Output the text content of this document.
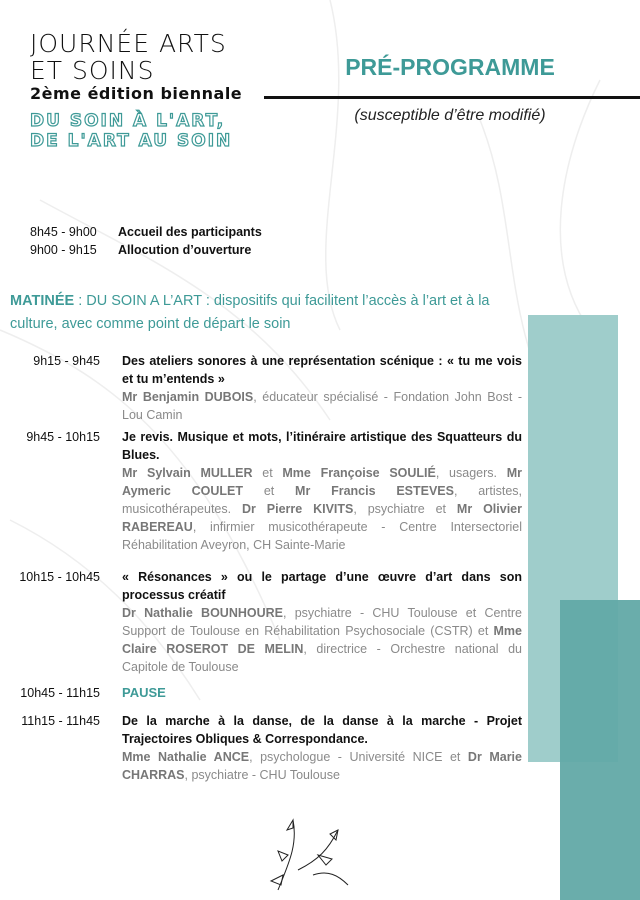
JOURNÉE ARTS
ET SOINS
2ème édition biennale
DU SOIN À L'ART,
DE L'ART AU SOIN
PRÉ-PROGRAMME
(susceptible d’être modifié)
8h45 - 9h00	Accueil des participants
9h00 - 9h15	Allocution d’ouverture
MATINÉE : DU SOIN A L’ART : dispositifs qui facilitent l’accès à l’art et à la culture, avec comme point de départ le soin
9h15 - 9h45	Des ateliers sonores à une représentation scénique : « tu me vois et tu m’entends »
Mr Benjamin DUBOIS, éducateur spécialisé - Fondation John Bost - Lou Camin
9h45 - 10h15	Je revis. Musique et mots, l’itinéraire artistique des Squatteurs du Blues.
Mr Sylvain MULLER et Mme Françoise SOULIÉ, usagers. Mr Aymeric COULET et Mr Francis ESTEVES, artistes, musicothérapeutes. Dr Pierre KIVITS, psychiatre et Mr Olivier RABEREAU, infirmier musicothérapeute - Centre Intersectoriel Réhabilitation Aveyron, CH Sainte-Marie
10h15 - 10h45	« Résonances » ou le partage d’une œuvre d’art dans son processus créatif
Dr Nathalie BOUNHOURE, psychiatre - CHU Toulouse et Centre Support de Toulouse en Réhabilitation Psychosociale (CSTR) et Mme Claire ROSEROT DE MELIN, directrice - Orchestre national du Capitole de Toulouse
10h45 - 11h15	PAUSE
11h15 - 11h45	De la marche à la danse, de la danse à la marche - Projet Trajectoires Obliques & Correspondance.
Mme Nathalie ANCE, psychologue - Université NICE et Dr Marie CHARRAS, psychiatre - CHU Toulouse
